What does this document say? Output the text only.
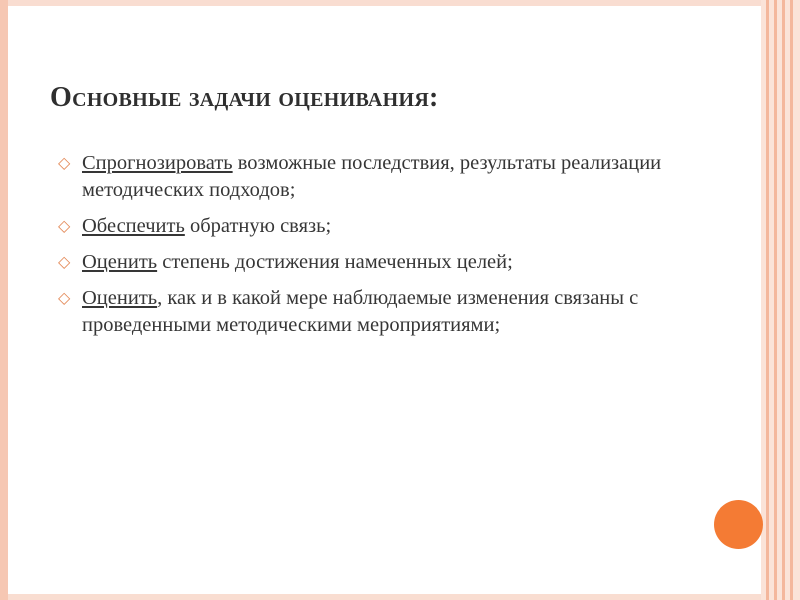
Основные задачи оценивания:
◇ Спрогнозировать возможные последствия, результаты реализации методических подходов;
◇ Обеспечить обратную связь;
◇ Оценить степень достижения намеченных целей;
◇ Оценить, как и в какой мере наблюдаемые изменения связаны с проведенными методическими мероприятиями;
